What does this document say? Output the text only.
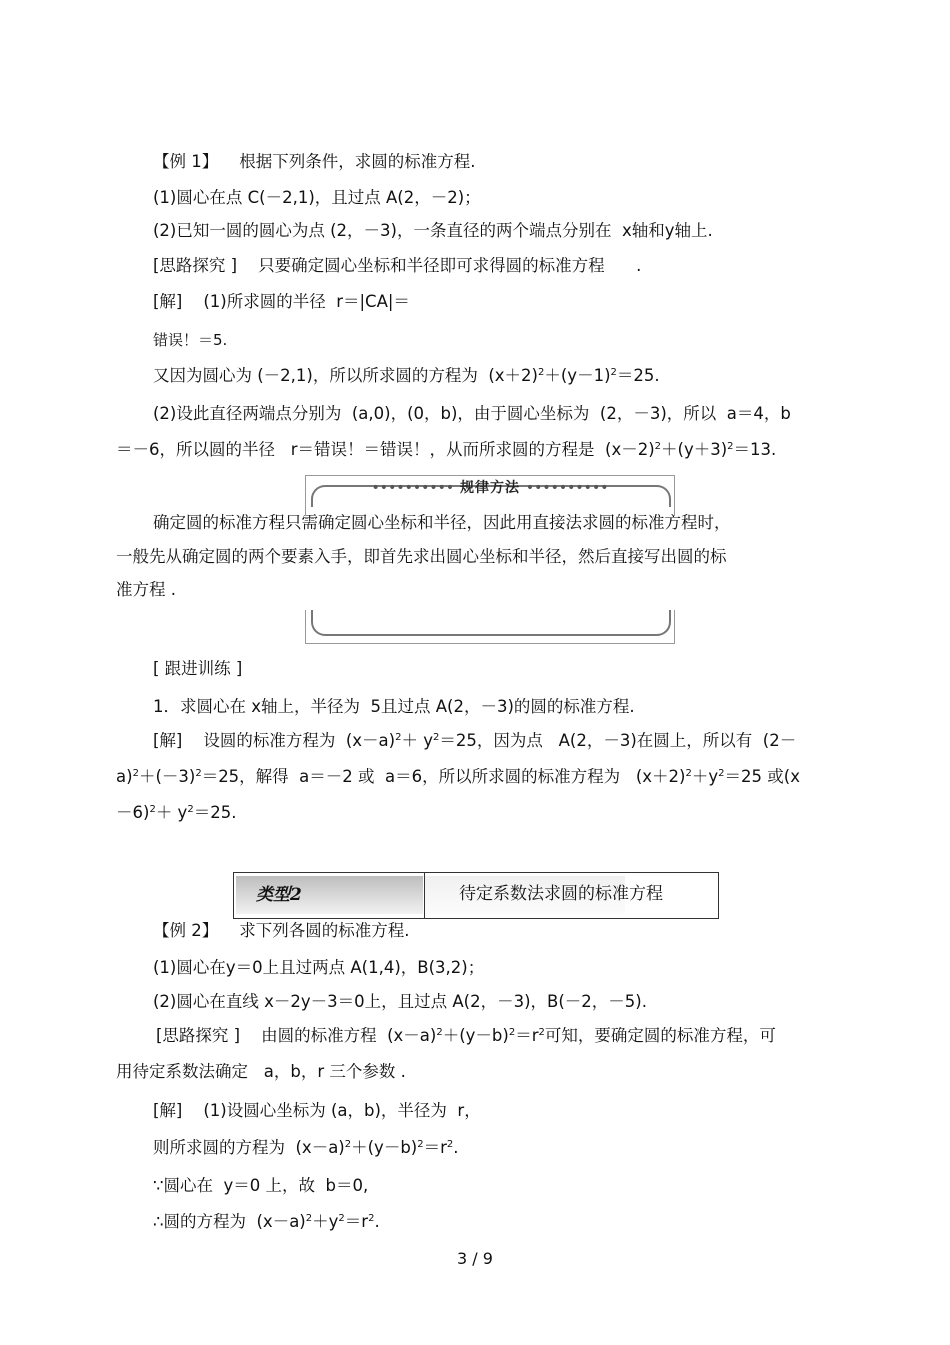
【例 1】    根据下列条件，求圆的标准方程.
(1)圆心在点 C(－2,1)，且过点 A(2，－2)；
(2)已知一圆的圆心为点 (2，－3)，一条直径的两个端点分别在  x轴和y轴上.
[思路探究 ]    只要确定圆心坐标和半径即可求得圆的标准方程      .
[解]    (1)所求圆的半径  r＝|CA|＝
错误！＝5.
又因为圆心为 (－2,1)，所以所求圆的方程为  $(x+2)^2+(y-1)^2=25$.
(2)设此直径两端点分别为  (a,0)，(0，b)，由于圆心坐标为  (2，－3)，所以  a＝4，b
＝－6，所以圆的半径   r＝错误！＝错误！，从而所求圆的方程是  $(x-2)^2+(y+3)^2=13$.
确定圆的标准方程只需确定圆心坐标和半径，因此用直接法求圆的标准方程时，
一般先从确定圆的两个要素入手，即首先求出圆心坐标和半径，然后直接写出圆的标
准方程 .
[ 跟进训练 ]
1．求圆心在 x轴上，半径为  5且过点 A(2，－3)的圆的标准方程.
[解]    设圆的标准方程为  $(x-a)^2+ y^2=25$，因为点   A(2，－3)在圆上，所以有  (2－
$a)^2+(-3)^2=25$，解得  a＝－2 或  a＝6，所以所求圆的标准方程为   $(x+2)^2+y^2=25$ 或(x
$-6)^2+ y^2=25$.
【例 2】    求下列各圆的标准方程.
(1)圆心在y＝0上且过两点 A(1,4)，B(3,2)；
(2)圆心在直线 x－2y－3＝0上，且过点 A(2，－3)，B(－2，－5).
[思路探究 ]    由圆的标准方程  $(x-a)^2+(y-b)^2=r^2$可知，要确定圆的标准方程，可
用待定系数法确定   a，b，r 三个参数 .
[解]    (1)设圆心坐标为 (a，b)，半径为  r，
则所求圆的方程为  $(x-a)^2+(y-b)^2=r^2$.
∵圆心在  y＝0 上，故  b＝0,
∴圆的方程为  $(x-a)^2+y^2=r^2$.
•••••••••• 规律方法 ••••••••••
类型2	待定系数法求圆的标准方程
3 / 9
